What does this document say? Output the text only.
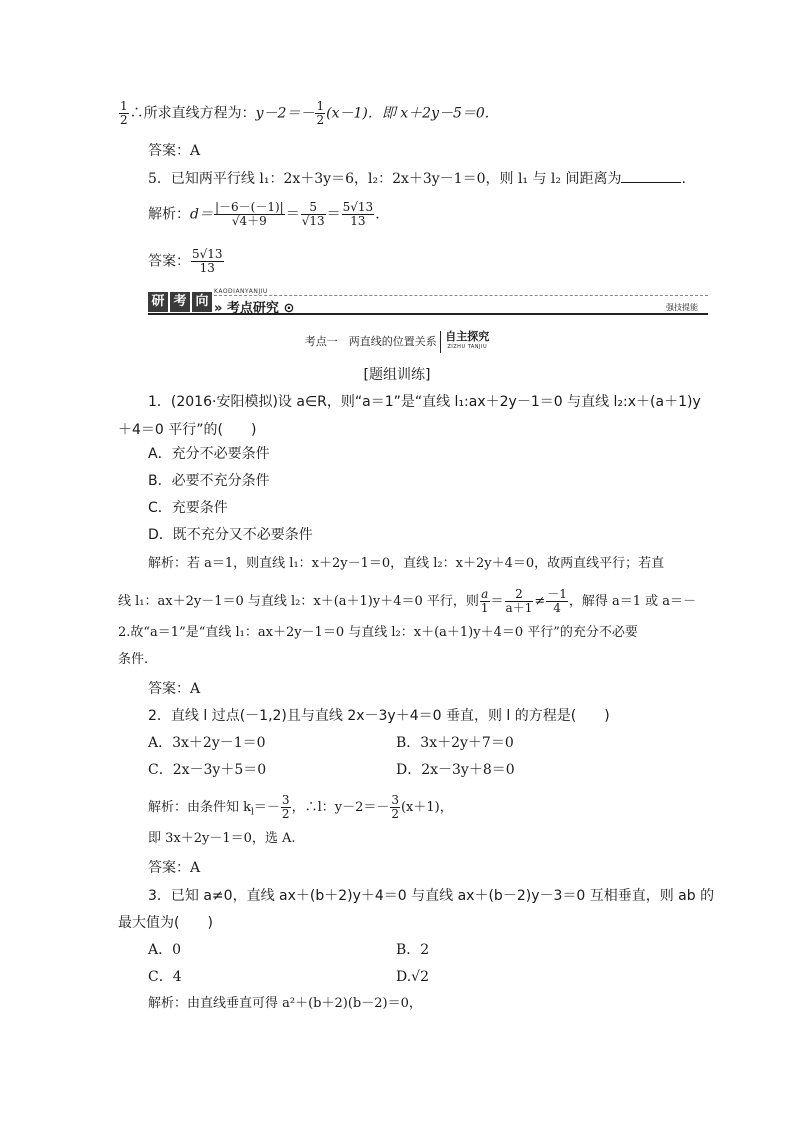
$\frac{1}{2}$ ∴所求直线方程为：$y-2=- \frac{1}{2} (x-1)$．即 x＋2y－5＝0.
答案：A
5．已知两平行线 l₁：2x＋3y＝6，l₂：2x＋3y－1＝0，则 l₁ 与 l₂ 间距离为	.
解析：$d= \frac{|-6-(-1)|}{√4+9} = \frac{5}{√13} = \frac{5√13}{13}$ .
答案： $\frac{5√13}{13}$
研 考 向
KAODIANYANJIU
» 考点研究 ⊙	强技提能
考点一　两直线的位置关系 自主探究
ZIZHU TANJIU
[题组训练]
1．(2016·安阳模拟)设 a∈R，则“a＝1”是“直线 l₁:ax＋2y－1＝0 与直线 l₂:x＋(a＋1)y
＋4＝0 平行”的(　　)
A．充分不必要条件
B．必要不充分条件
C．充要条件
D．既不充分又不必要条件
解析：若 a＝1，则直线 l₁：x＋2y－1＝0，直线 l₂：x＋2y＋4＝0，故两直线平行；若直
线 l₁：ax＋2y－1＝0 与直线 l₂：x＋(a＋1)y＋4＝0 平行，则 $\frac{a}{1} = \frac{2}{a+1} \ne \frac{-1}{4}$ ，解得 a＝1 或 a＝－
2.故“a＝1”是“直线 l₁：ax＋2y－1＝0 与直线 l₂：x＋(a＋1)y＋4＝0 平行”的充分不必要
条件.
答案：A
2．直线 l 过点(－1,2)且与直线 2x－3y＋4＝0 垂直，则 l 的方程是(　　)
A．3x＋2y－1＝0	B．3x＋2y＋7＝0
C．2x－3y＋5＝0	D．2x－3y＋8＝0
解析：由条件知 $k_l=- \frac{3}{2}$ ，∴l：$y-2=- \frac{3}{2} (x+1)$，
即 3x＋2y－1＝0，选 A.
答案：A
3．已知 a≠0，直线 ax＋(b＋2)y＋4＝0 与直线 ax＋(b－2)y－3＝0 互相垂直，则 ab 的
最大值为(　　)
A．0	B．2
C．4	D.√2
解析：由直线垂直可得 a²＋(b＋2)(b－2)＝0，
